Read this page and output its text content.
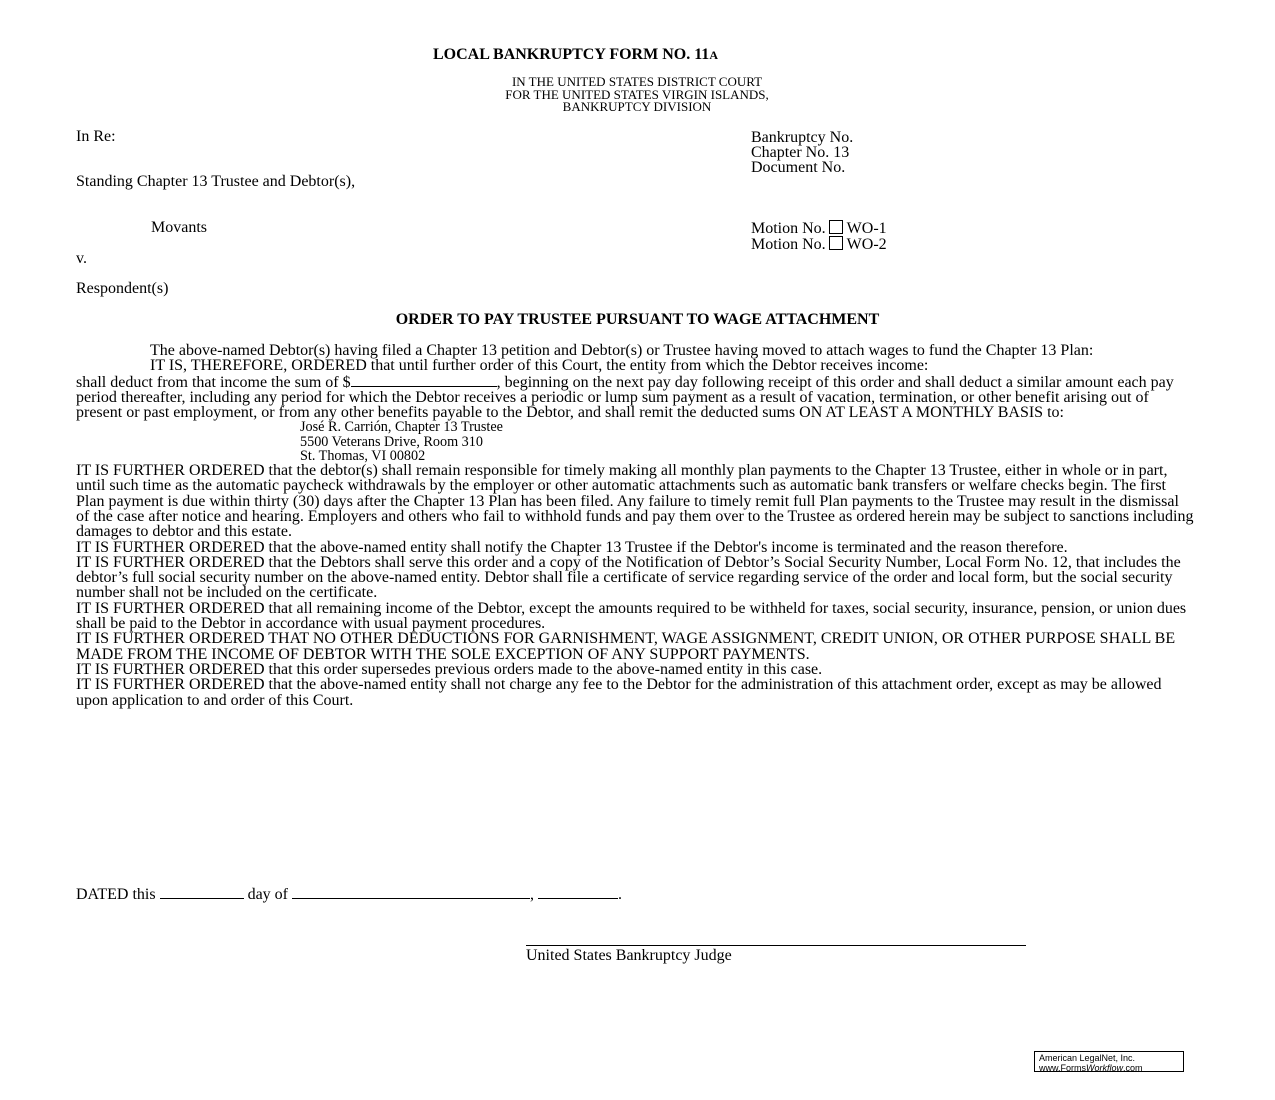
LOCAL BANKRUPTCY FORM NO. 11A
IN THE UNITED STATES DISTRICT COURT
FOR THE UNITED STATES VIRGIN ISLANDS,
BANKRUPTCY DIVISION
In Re:	Bankruptcy No.
Chapter No. 13
Document No.
Standing Chapter 13 Trustee and Debtor(s),
Movants	Motion No. WO-1
Motion No. WO-2
v.
Respondent(s)
ORDER TO PAY TRUSTEE PURSUANT TO WAGE ATTACHMENT

The above-named Debtor(s) having filed a Chapter 13 petition and Debtor(s) or Trustee having moved to attach wages to fund the Chapter 13 Plan:

IT IS, THEREFORE, ORDERED that until further order of this Court, the entity from which the Debtor receives income:

shall deduct from that income the sum of $	, beginning on the next pay day following receipt of this order and shall deduct a similar amount each pay period thereafter, including any period for which the Debtor receives a periodic or lump sum payment as a result of vacation, termination, or other benefit arising out of present or past employment, or from any other benefits payable to the Debtor, and shall remit the deducted sums ON AT LEAST A MONTHLY BASIS to:

José R. Carrión, Chapter 13 Trustee
5500 Veterans Drive, Room 310
St. Thomas, VI 00802

IT IS FURTHER ORDERED that the debtor(s) shall remain responsible for timely making all monthly plan payments to the Chapter 13 Trustee, either in whole or in part, until such time as the automatic paycheck withdrawals by the employer or other automatic attachments such as automatic bank transfers or welfare checks begin. The first Plan payment is due within thirty (30) days after the Chapter 13 Plan has been filed. Any failure to timely remit full Plan payments to the Trustee may result in the dismissal of the case after notice and hearing. Employers and others who fail to withhold funds and pay them over to the Trustee as ordered herein may be subject to sanctions including damages to debtor and this estate.

IT IS FURTHER ORDERED that the above-named entity shall notify the Chapter 13 Trustee if the Debtor's income is terminated and the reason therefore.

IT IS FURTHER ORDERED that the Debtors shall serve this order and a copy of the Notification of Debtor’s Social Security Number, Local Form No. 12, that includes the debtor’s full social security number on the above-named entity. Debtor shall file a certificate of service regarding service of the order and local form, but the social security number shall not be included on the certificate.

IT IS FURTHER ORDERED that all remaining income of the Debtor, except the amounts required to be withheld for taxes, social security, insurance, pension, or union dues shall be paid to the Debtor in accordance with usual payment procedures.

IT IS FURTHER ORDERED THAT NO OTHER DEDUCTIONS FOR GARNISHMENT, WAGE ASSIGNMENT, CREDIT UNION, OR OTHER PURPOSE SHALL BE MADE FROM THE INCOME OF DEBTOR WITH THE SOLE EXCEPTION OF ANY SUPPORT PAYMENTS.

IT IS FURTHER ORDERED that this order supersedes previous orders made to the above-named entity in this case.

IT IS FURTHER ORDERED that the above-named entity shall not charge any fee to the Debtor for the administration of this attachment order, except as may be allowed upon application to and order of this Court.

DATED this	day of	,	.
United States Bankruptcy Judge
American LegalNet, Inc.
www.FormsWorkflow.com
